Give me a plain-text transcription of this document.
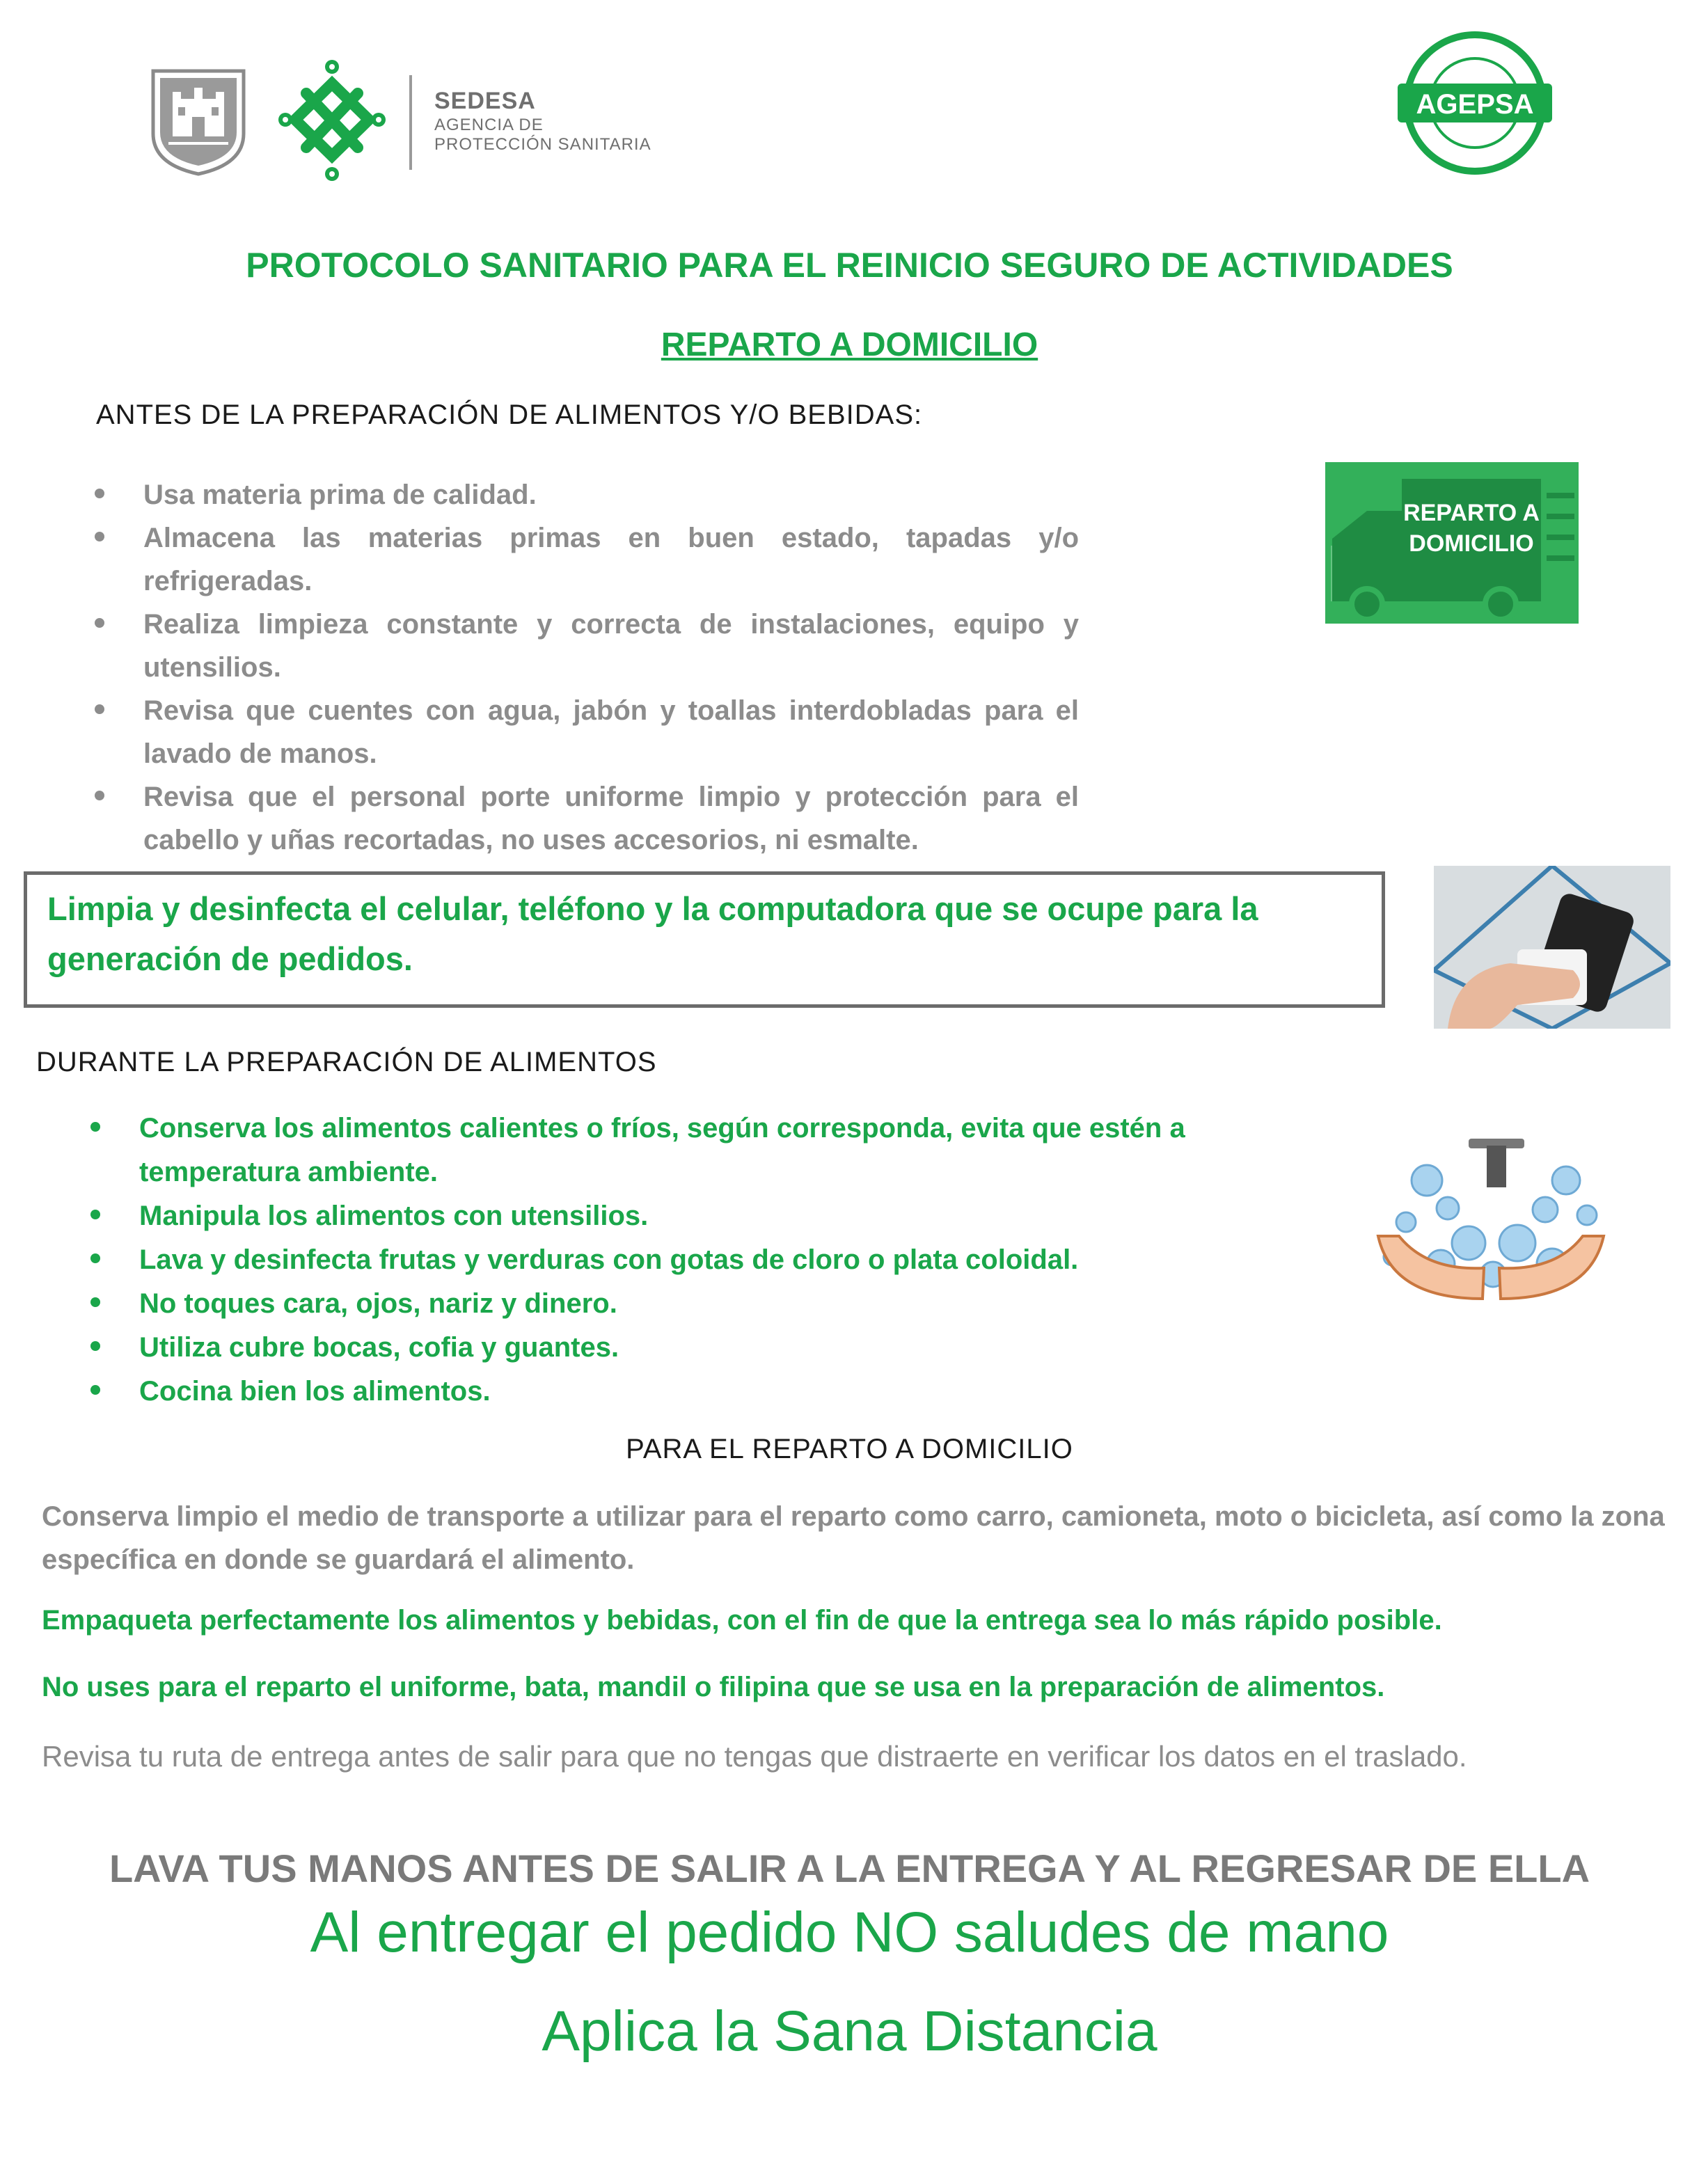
SEDESA
AGENCIA DE
PROTECCIÓN SANITARIA
AGEPSA
PROTOCOLO SANITARIO PARA EL REINICIO SEGURO DE ACTIVIDADES
REPARTO A DOMICILIO
ANTES DE LA PREPARACIÓN DE ALIMENTOS Y/O BEBIDAS:
Usa materia prima de calidad.
Almacena las materias primas en buen estado, tapadas y/o refrigeradas.
Realiza limpieza constante y correcta de instalaciones, equipo y utensilios.
Revisa que cuentes con agua, jabón y toallas interdobladas para el lavado de manos.
Revisa que el personal porte uniforme limpio y protección para el cabello y uñas recortadas, no uses accesorios, ni esmalte.
REPARTO A
DOMICILIO
Limpia y desinfecta el celular, teléfono y la computadora que se ocupe para la generación de pedidos.
DURANTE LA PREPARACIÓN DE ALIMENTOS
Conserva los alimentos calientes o fríos, según corresponda, evita que estén a temperatura ambiente.
Manipula los alimentos con utensilios.
Lava y desinfecta frutas y verduras con gotas de cloro o plata coloidal.
No toques cara, ojos, nariz y dinero.
Utiliza cubre bocas, cofia y guantes.
Cocina bien los alimentos.
PARA EL REPARTO A DOMICILIO
Conserva limpio el medio de transporte a utilizar para el reparto como carro, camioneta, moto o bicicleta, así como la zona específica en donde se guardará el alimento.
Empaqueta perfectamente los alimentos y bebidas, con el fin de que la entrega sea lo más rápido posible.
No uses para el reparto el uniforme, bata, mandil o filipina que se usa en la preparación de alimentos.
Revisa tu ruta de entrega antes de salir para que no tengas que distraerte en verificar los datos en el traslado.
LAVA TUS MANOS ANTES DE SALIR A LA ENTREGA Y AL REGRESAR DE ELLA
Al entregar el pedido NO saludes de mano
Aplica la Sana Distancia
